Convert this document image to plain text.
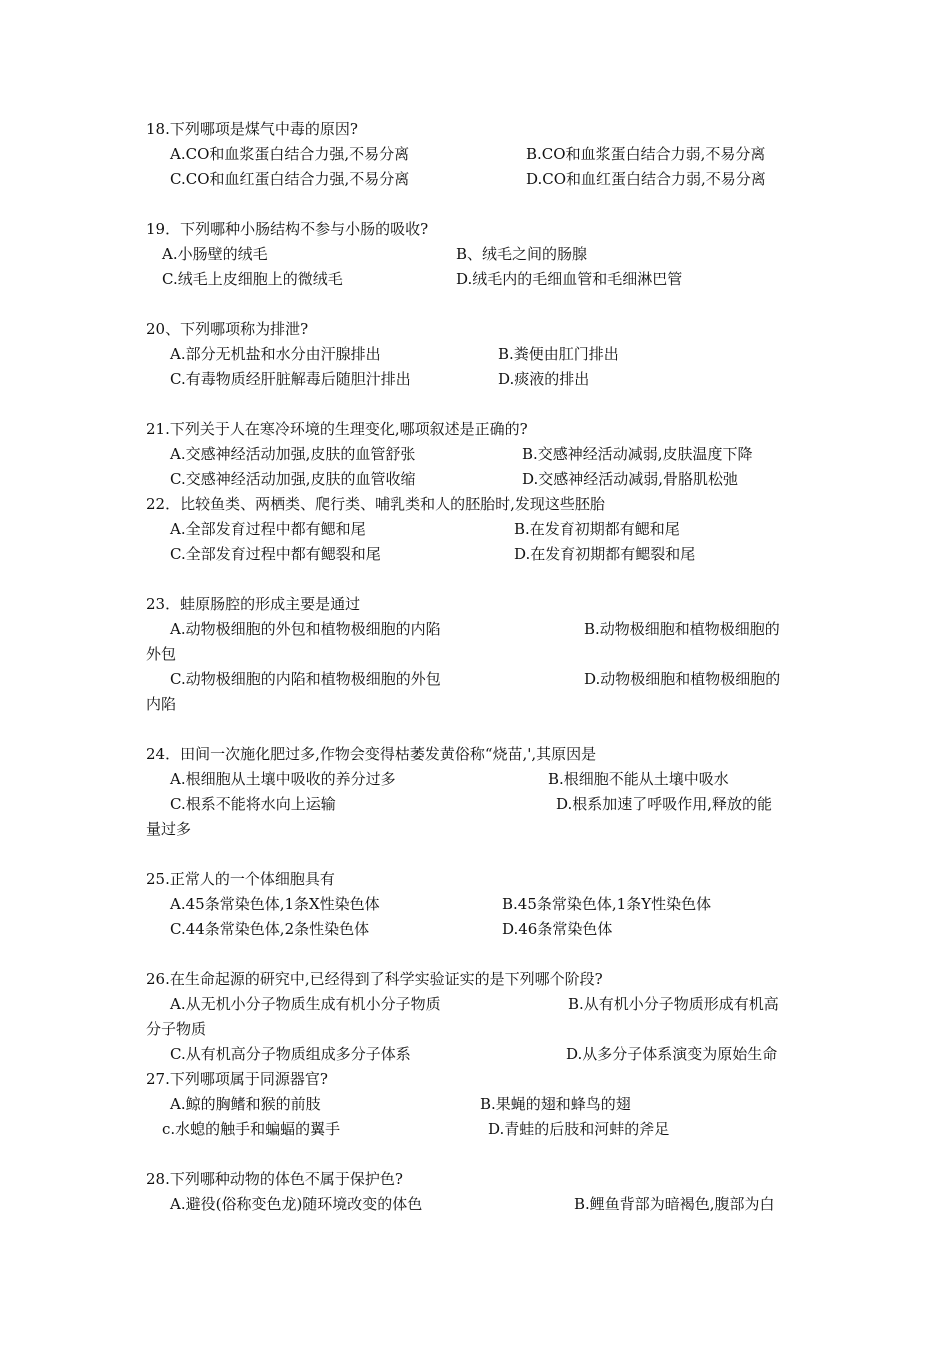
18.下列哪项是煤气中毒的原因?
A.CO和血浆蛋白结合力强,不易分离	B.CO和血浆蛋白结合力弱,不易分离
C.CO和血红蛋白结合力强,不易分离	D.CO和血红蛋白结合力弱,不易分离
19．下列哪种小肠结构不参与小肠的吸收?
A.小肠壁的绒毛	B、绒毛之间的肠腺
C.绒毛上皮细胞上的微绒毛	D.绒毛内的毛细血管和毛细淋巴管
20、下列哪项称为排泄?
A.部分无机盐和水分由汗腺排出	B.粪便由肛门排出
C.有毒物质经肝脏解毒后随胆汁排出	D.痰液的排出
21.下列关于人在寒冷环境的生理变化,哪项叙述是正确的?
A.交感神经活动加强,皮肤的血管舒张	B.交感神经活动减弱,皮肤温度下降
C.交感神经活动加强,皮肤的血管收缩	D.交感神经活动减弱,骨胳肌松弛
22．比较鱼类、两栖类、爬行类、哺乳类和人的胚胎时,发现这些胚胎
A.全部发育过程中都有鳃和尾	B.在发育初期都有鳃和尾
C.全部发育过程中都有鳃裂和尾	D.在发育初期都有鳃裂和尾
23．蛙原肠腔的形成主要是通过
A.动物极细胞的外包和植物极细胞的内陷	B.动物极细胞和植物极细胞的
外包
C.动物极细胞的内陷和植物极细胞的外包	D.动物极细胞和植物极细胞的
内陷
24．田间一次施化肥过多,作物会变得枯萎发黄俗称“烧苗,',其原因是
A.根细胞从土壤中吸收的养分过多	B.根细胞不能从土壤中吸水
C.根系不能将水向上运输	D.根系加速了呼吸作用,释放的能
量过多
25.正常人的一个体细胞具有
A.45条常染色体,1条X性染色体	B.45条常染色体,1条Y性染色体
C.44条常染色体,2条性染色体	D.46条常染色体
26.在生命起源的研究中,已经得到了科学实验证实的是下列哪个阶段?
A.从无机小分子物质生成有机小分子物质	B.从有机小分子物质形成有机高
分子物质
C.从有机高分子物质组成多分子体系	D.从多分子体系演变为原始生命
27.下列哪项属于同源器官?
A.鲸的胸鳍和猴的前肢	B.果蝇的翅和蜂鸟的翅
c.水螅的触手和蝙蝠的翼手	D.青蛙的后肢和河蚌的斧足
28.下列哪种动物的体色不属于保护色?
A.避役(俗称变色龙)随环境改变的体色	B.鲤鱼背部为暗褐色,腹部为白
